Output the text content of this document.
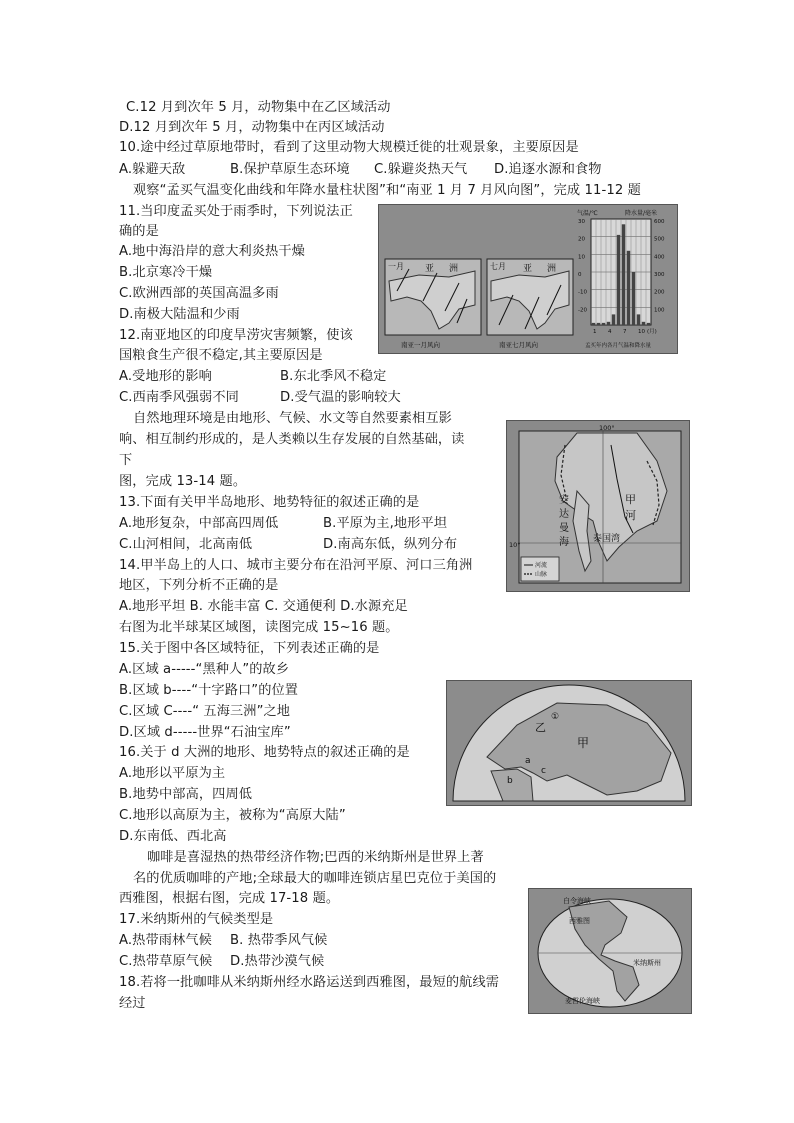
C.12 月到次年 5 月，动物集中在乙区域活动
D.12 月到次年 5 月，动物集中在丙区域活动
10.途中经过草原地带时，看到了这里动物大规模迁徙的壮观景象，主要原因是
A.躲避天敌	B.保护草原生态环境 C.躲避炎热天气 D.追逐水源和食物
观察“孟买气温变化曲线和年降水量柱状图”和“南亚 1 月 7 月风向图”，完成 11-12 题
11.当印度孟买处于雨季时，下列说法正
确的是
A.地中海沿岸的意大利炎热干燥
B.北京寒冷干燥
C.欧洲西部的英国高温多雨
D.南极大陆温和少雨
12.南亚地区的印度旱涝灾害频繁，使该
国粮食生产很不稳定,其主要原因是
A.受地形的影响	B.东北季风不稳定
C.西南季风强弱不同	D.受气温的影响较大
自然地理环境是由地形、气候、水文等自然要素相互影
响、相互制约形成的，是人类赖以生存发展的自然基础，读
下
图，完成 13-14 题。
13.下面有关甲半岛地形、地势特征的叙述正确的是
A.地形复杂，中部高四周低	B.平原为主,地形平坦
C.山河相间，北高南低	D.南高东低，纵列分布
14.甲半岛上的人口、城市主要分布在沿河平原、河口三角洲
地区，下列分析不正确的是
A.地形平坦 B. 水能丰富 C. 交通便利 D.水源充足
右图为北半球某区域图，读图完成 15~16 题。
15.关于图中各区域特征，下列表述正确的是
A.区域 a-----“黑种人”的故乡
B.区域 b----“十字路口”的位置
C.区域 C----“ 五海三洲”之地
D.区域 d-----世界“石油宝库”
16.关于 d 大洲的地形、地势特点的叙述正确的是
A.地形以平原为主
B.地势中部高，四周低
C.地形以高原为主，被称为“高原大陆”
D.东南低、西北高
咖啡是喜湿热的热带经济作物;巴西的米纳斯州是世界上著
名的优质咖啡的产地;全球最大的咖啡连锁店星巴克位于美国的
西雅图，根据右图，完成 17-18 题。
17.米纳斯州的气候类型是
A.热带雨林气候 B. 热带季风气候
C.热带草原气候 D.热带沙漠气候
18.若将一批咖啡从米纳斯州经水路运送到西雅图，最短的航线需
经过
一月 亚 洲
南亚一月风向
七月 亚 洲
南亚七月风向
气温/℃	降水量/毫米
30
20
10
0
-10
-20
600
500
400
300
200
100
1 4 7 10 (月)
孟买年内各月气温和降水量
100°
10°
安
达
曼
海
甲
河
泰国湾
河流
山脉
甲
乙
a
b
c
①
白令海峡
西雅图
米纳斯州
麦哲伦海峡
